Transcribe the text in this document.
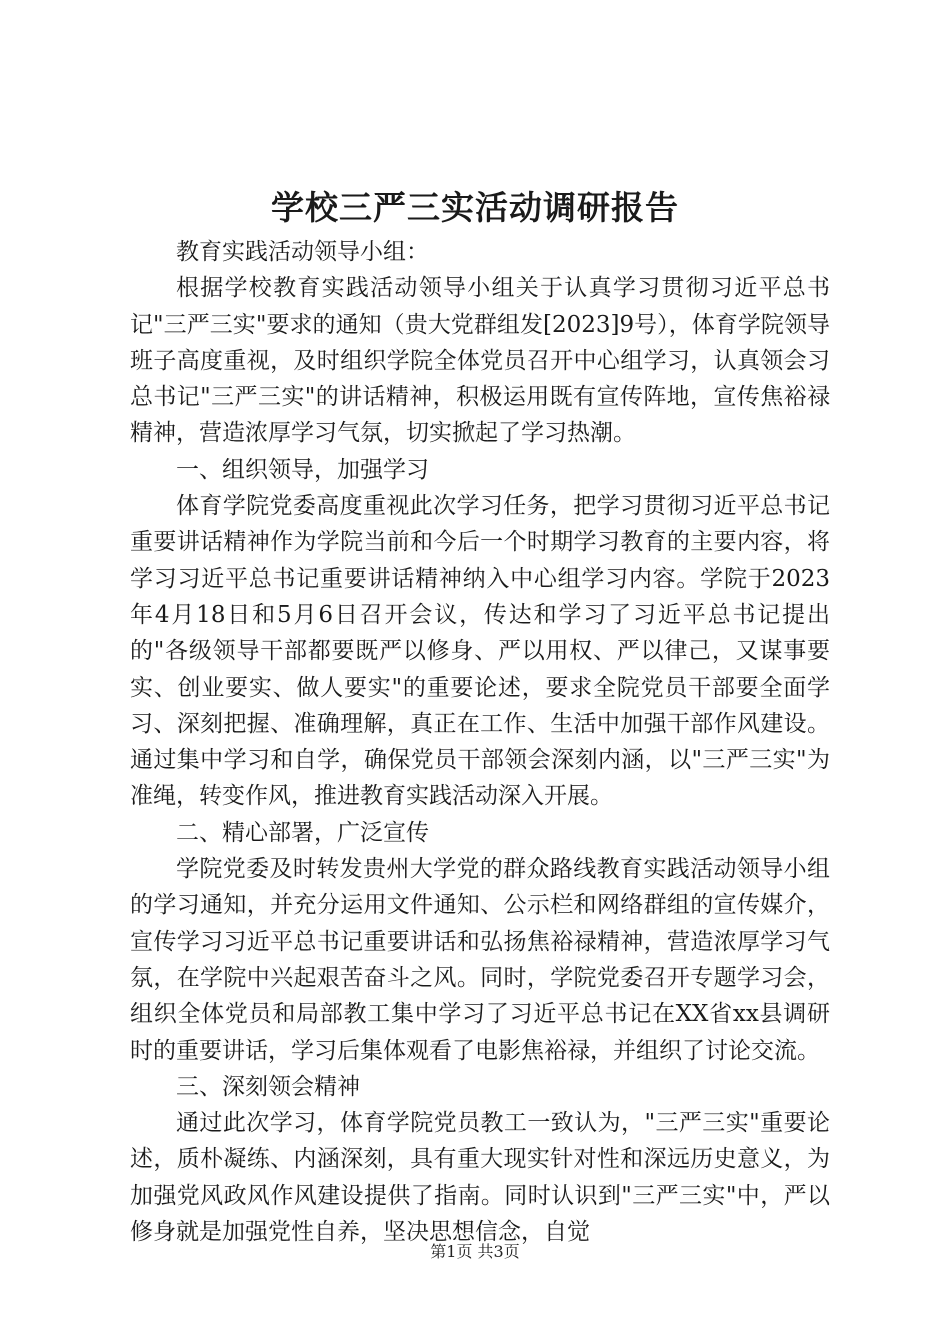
学校三严三实活动调研报告

教育实践活动领导小组：

根据学校教育实践活动领导小组关于认真学习贯彻习近平总书记"三严三实"要求的通知（贵大党群组发[2023]9号），体育学院领导班子高度重视，及时组织学院全体党员召开中心组学习，认真领会习总书记"三严三实"的讲话精神，积极运用既有宣传阵地，宣传焦裕禄精神，营造浓厚学习气氛，切实掀起了学习热潮。

一、组织领导，加强学习

体育学院党委高度重视此次学习任务，把学习贯彻习近平总书记重要讲话精神作为学院当前和今后一个时期学习教育的主要内容，将学习习近平总书记重要讲话精神纳入中心组学习内容。学院于2023年4月18日和5月6日召开会议，传达和学习了习近平总书记提出的"各级领导干部都要既严以修身、严以用权、严以律己，又谋事要实、创业要实、做人要实"的重要论述，要求全院党员干部要全面学习、深刻把握、准确理解，真正在工作、生活中加强干部作风建设。通过集中学习和自学，确保党员干部领会深刻内涵，以"三严三实"为准绳，转变作风，推进教育实践活动深入开展。

二、精心部署，广泛宣传

学院党委及时转发贵州大学党的群众路线教育实践活动领导小组的学习通知，并充分运用文件通知、公示栏和网络群组的宣传媒介，宣传学习习近平总书记重要讲话和弘扬焦裕禄精神，营造浓厚学习气氛，在学院中兴起艰苦奋斗之风。同时，学院党委召开专题学习会，组织全体党员和局部教工集中学习了习近平总书记在XX省xx县调研时的重要讲话，学习后集体观看了电影焦裕禄，并组织了讨论交流。

三、深刻领会精神

通过此次学习，体育学院党员教工一致认为，"三严三实"重要论述，质朴凝练、内涵深刻，具有重大现实针对性和深远历史意义，为加强党风政风作风建设提供了指南。同时认识到"三严三实"中，严以修身就是加强党性自养，坚决思想信念，自觉

第1页 共3页
